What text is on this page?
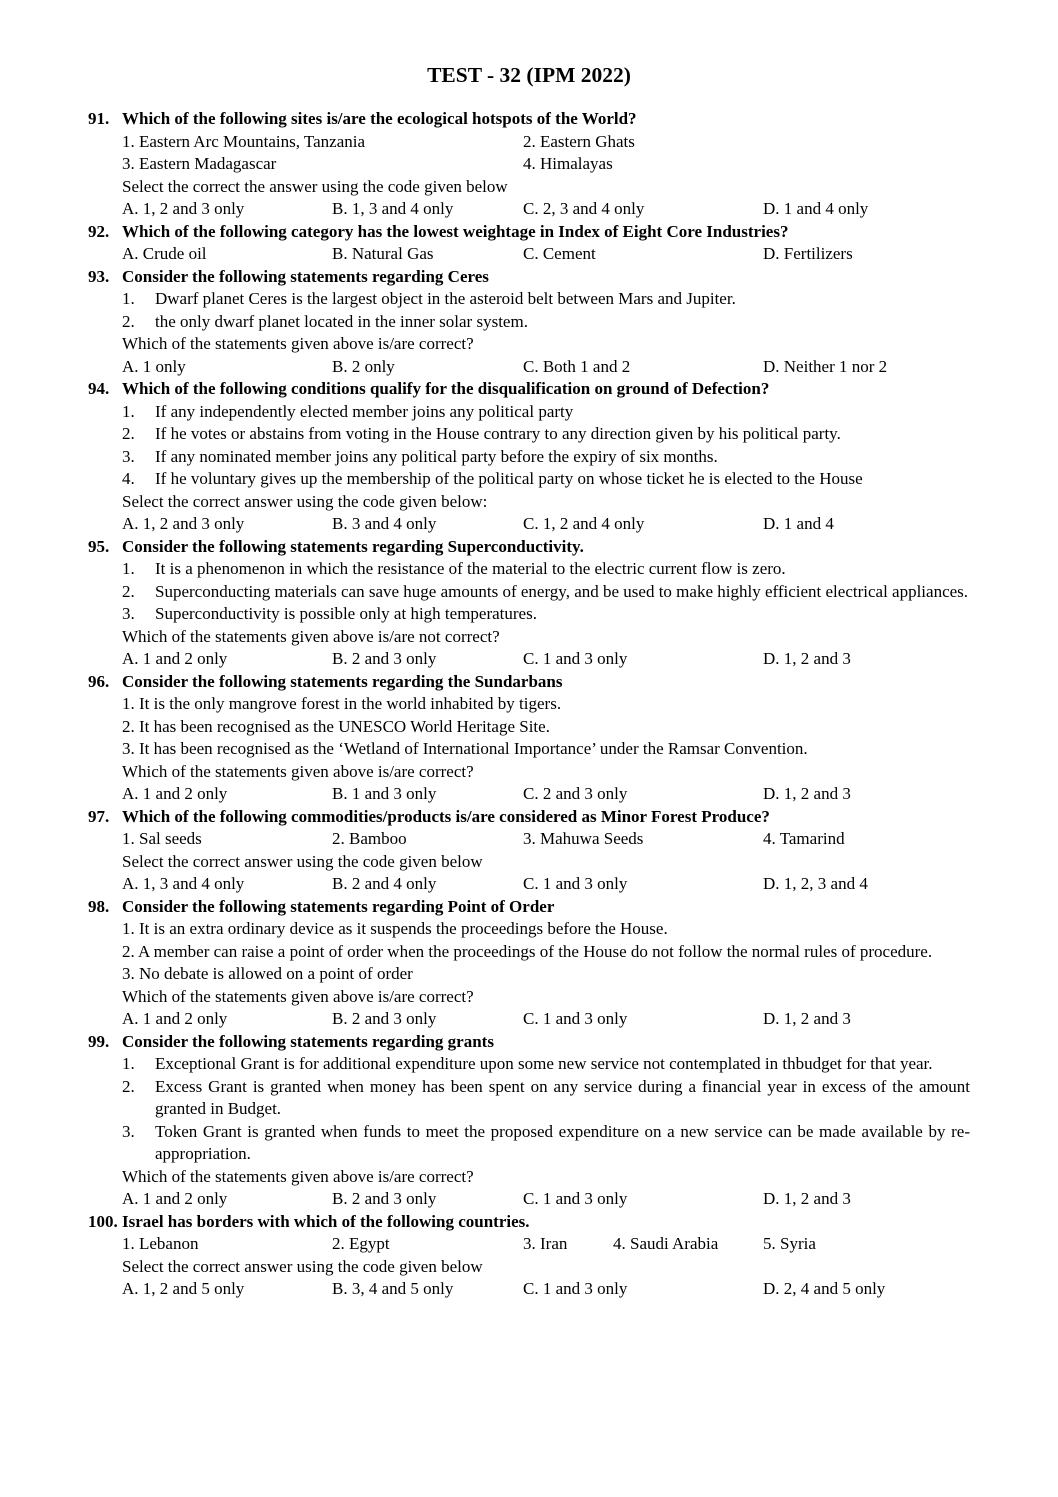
TEST - 32 (IPM 2022)
91. Which of the following sites is/are the ecological hotspots of the World?
1. Eastern Arc Mountains, Tanzania	2. Eastern Ghats
3. Eastern Madagascar	4. Himalayas
Select the correct the answer using the code given below
A. 1, 2 and 3 only	B. 1, 3 and 4 only	C. 2, 3 and 4 only	D. 1 and 4 only
92. Which of the following category has the lowest weightage in Index of Eight Core Industries?
A. Crude oil	B. Natural Gas	C. Cement	D. Fertilizers
93. Consider the following statements regarding Ceres
1.	Dwarf planet Ceres is the largest object in the asteroid belt between Mars and Jupiter.
2.	the only dwarf planet located in the inner solar system.
Which of the statements given above is/are correct?
A. 1 only	B. 2 only	C. Both 1 and 2	D. Neither 1 nor 2
94. Which of the following conditions qualify for the disqualification on ground of Defection?
1.	If any independently elected member joins any political party
2.	If he votes or abstains from voting in the House contrary to any direction given by his political party.
3.	If any nominated member joins any political party before the expiry of six months.
4.	If he voluntary gives up the membership of the political party on whose ticket he is elected to the House
Select the correct answer using the code given below:
A. 1, 2 and 3 only	B. 3 and 4 only	C. 1, 2 and 4 only	D. 1 and 4
95. Consider the following statements regarding Superconductivity.
1.	It is a phenomenon in which the resistance of the material to the electric current flow is zero.
2.	Superconducting materials can save huge amounts of energy, and be used to make highly efficient electrical appliances.
3.	Superconductivity is possible only at high temperatures.
Which of the statements given above is/are not correct?
A. 1 and 2 only	B. 2 and 3 only	C. 1 and 3 only	D. 1, 2 and 3
96. Consider the following statements regarding the Sundarbans
1. It is the only mangrove forest in the world inhabited by tigers.
2. It has been recognised as the UNESCO World Heritage Site.
3. It has been recognised as the ‘Wetland of International Importance’ under the Ramsar Convention.
Which of the statements given above is/are correct?
A. 1 and 2 only	B. 1 and 3 only	C. 2 and 3 only	D. 1, 2 and 3
97. Which of the following commodities/products is/are considered as Minor Forest Produce?
1. Sal seeds	2. Bamboo	3. Mahuwa Seeds	4. Tamarind
Select the correct answer using the code given below
A. 1, 3 and 4 only	B. 2 and 4 only	C. 1 and 3 only	D. 1, 2, 3 and 4
98. Consider the following statements regarding Point of Order
1. It is an extra ordinary device as it suspends the proceedings before the House.
2. A member can raise a point of order when the proceedings of the House do not follow the normal rules of procedure.
3. No debate is allowed on a point of order
Which of the statements given above is/are correct?
A. 1 and 2 only	B. 2 and 3 only	C. 1 and 3 only	D. 1, 2 and 3
99. Consider the following statements regarding grants
1.	Exceptional Grant is for additional expenditure upon some new service not contemplated in thbudget for that year.
2.	Excess Grant is granted when money has been spent on any service during a financial year in excess of the amount granted in Budget.
3.	Token Grant is granted when funds to meet the proposed expenditure on a new service can be made available by re-appropriation.
Which of the statements given above is/are correct?
A. 1 and 2 only	B. 2 and 3 only	C. 1 and 3 only	D. 1, 2 and 3
100. Israel has borders with which of the following countries.
1. Lebanon	2. Egypt	3. Iran	4. Saudi Arabia	5. Syria
Select the correct answer using the code given below
A. 1, 2 and 5 only	B. 3, 4 and 5 only	C. 1 and 3 only	D. 2, 4 and 5 only
